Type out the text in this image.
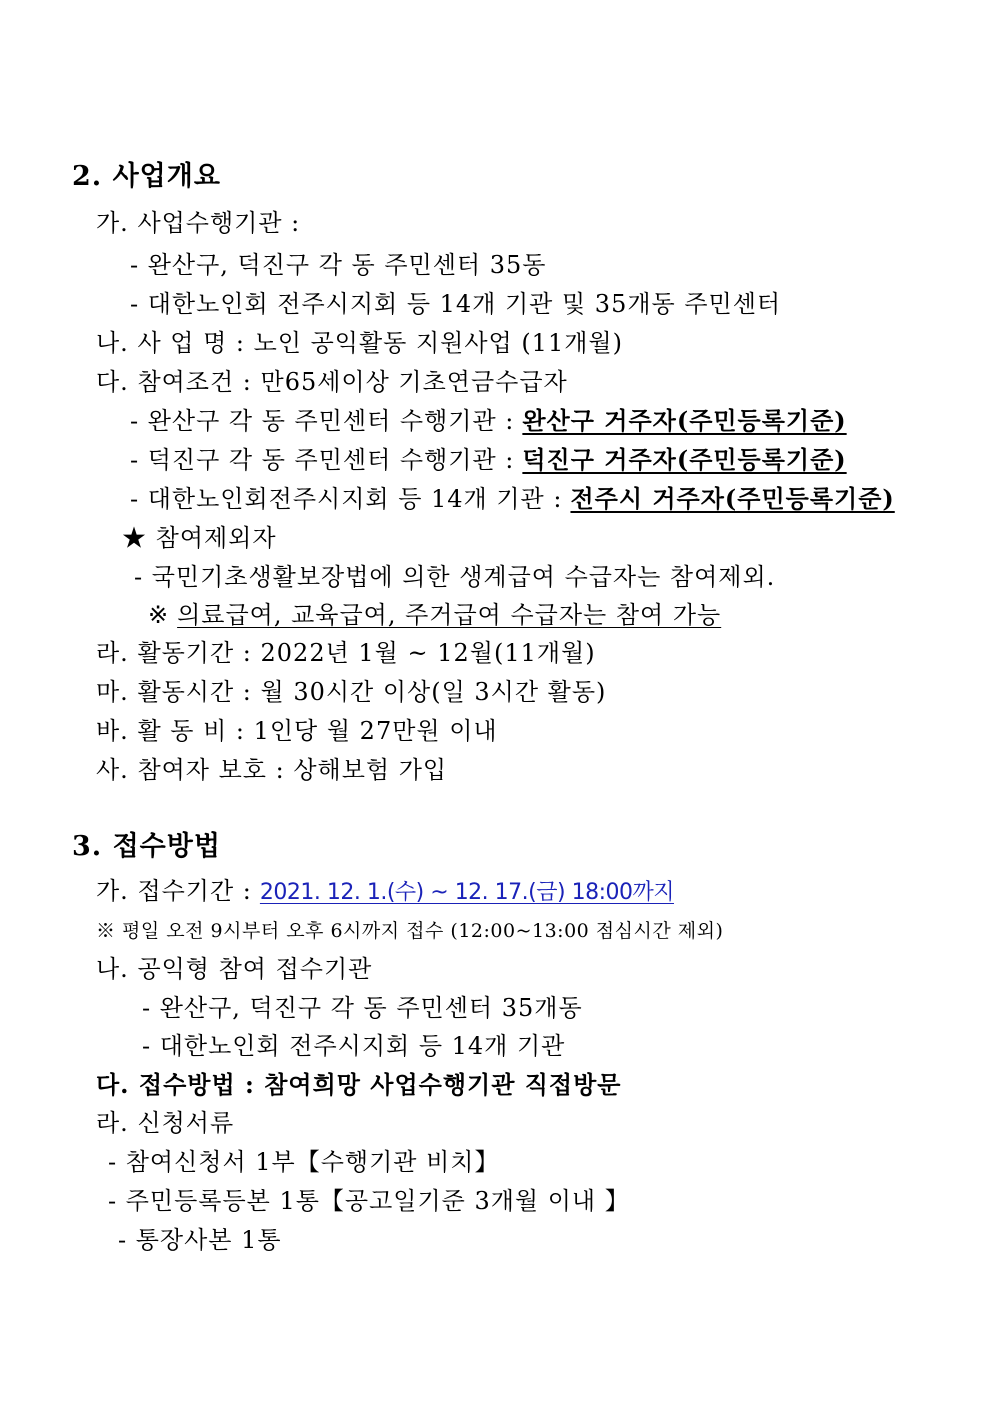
2. 사업개요
가. 사업수행기관 :
- 완산구, 덕진구 각 동 주민센터 35동
- 대한노인회 전주시지회 등 14개 기관 및 35개동 주민센터
나. 사 업 명 : 노인 공익활동 지원사업 (11개월)
다. 참여조건 : 만65세이상 기초연금수급자
- 완산구 각 동 주민센터 수행기관 : 완산구 거주자(주민등록기준)
- 덕진구 각 동 주민센터 수행기관 : 덕진구 거주자(주민등록기준)
- 대한노인회전주시지회 등 14개 기관 : 전주시 거주자(주민등록기준)
★ 참여제외자
- 국민기초생활보장법에 의한 생계급여 수급자는 참여제외.
※ 의료급여, 교육급여, 주거급여 수급자는 참여 가능
라. 활동기간 : 2022년 1월 ~ 12월(11개월)
마. 활동시간 : 월 30시간 이상(일 3시간 활동)
바. 활 동 비 : 1인당 월 27만원 이내
사. 참여자 보호 : 상해보험 가입
3. 접수방법
가. 접수기간 : 2021. 12. 1.(수) ~ 12. 17.(금) 18:00까지
※ 평일 오전 9시부터 오후 6시까지 접수 (12:00~13:00 점심시간 제외)
나. 공익형 참여 접수기관
- 완산구, 덕진구 각 동 주민센터 35개동
- 대한노인회 전주시지회 등 14개 기관
다. 접수방법 : 참여희망 사업수행기관 직접방문
라. 신청서류
- 참여신청서 1부【수행기관 비치】
- 주민등록등본 1통【공고일기준 3개월 이내 】
- 통장사본 1통
